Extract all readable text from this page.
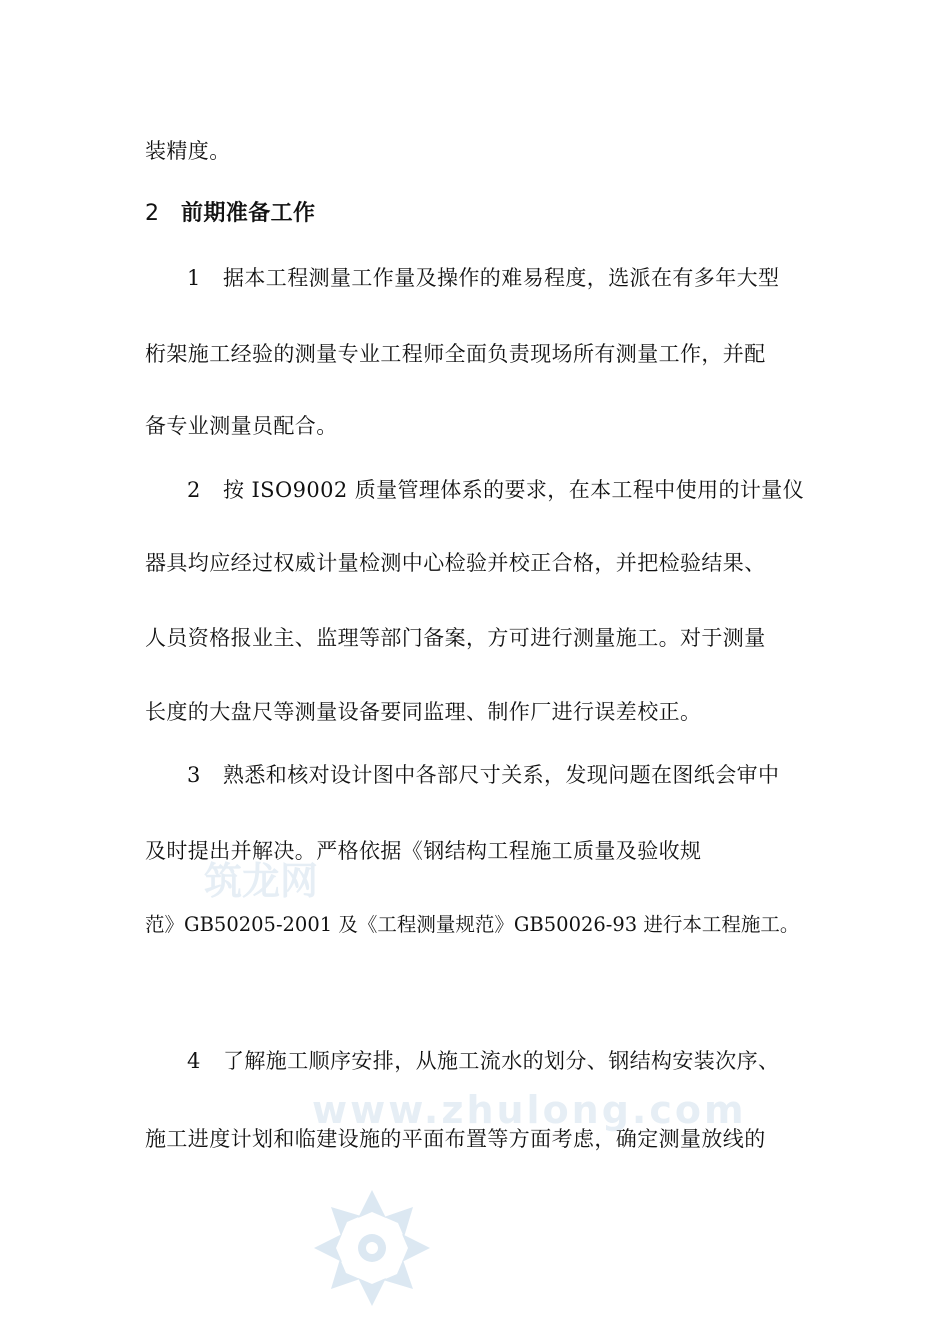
筑龙网
www.zhulong.com

装精度。

2 前期准备工作

1 据本工程测量工作量及操作的难易程度，选派在有多年大型

桁架施工经验的测量专业工程师全面负责现场所有测量工作，并配

备专业测量员配合。

2 按 ISO9002 质量管理体系的要求，在本工程中使用的计量仪

器具均应经过权威计量检测中心检验并校正合格，并把检验结果、

人员资格报业主、监理等部门备案，方可进行测量施工。对于测量

长度的大盘尺等测量设备要同监理、制作厂进行误差校正。

3 熟悉和核对设计图中各部尺寸关系，发现问题在图纸会审中

及时提出并解决。严格依据《钢结构工程施工质量及验收规

范》GB50205-2001 及《工程测量规范》GB50026-93 进行本工程施工。

4 了解施工顺序安排，从施工流水的划分、钢结构安装次序、

施工进度计划和临建设施的平面布置等方面考虑，确定测量放线的
